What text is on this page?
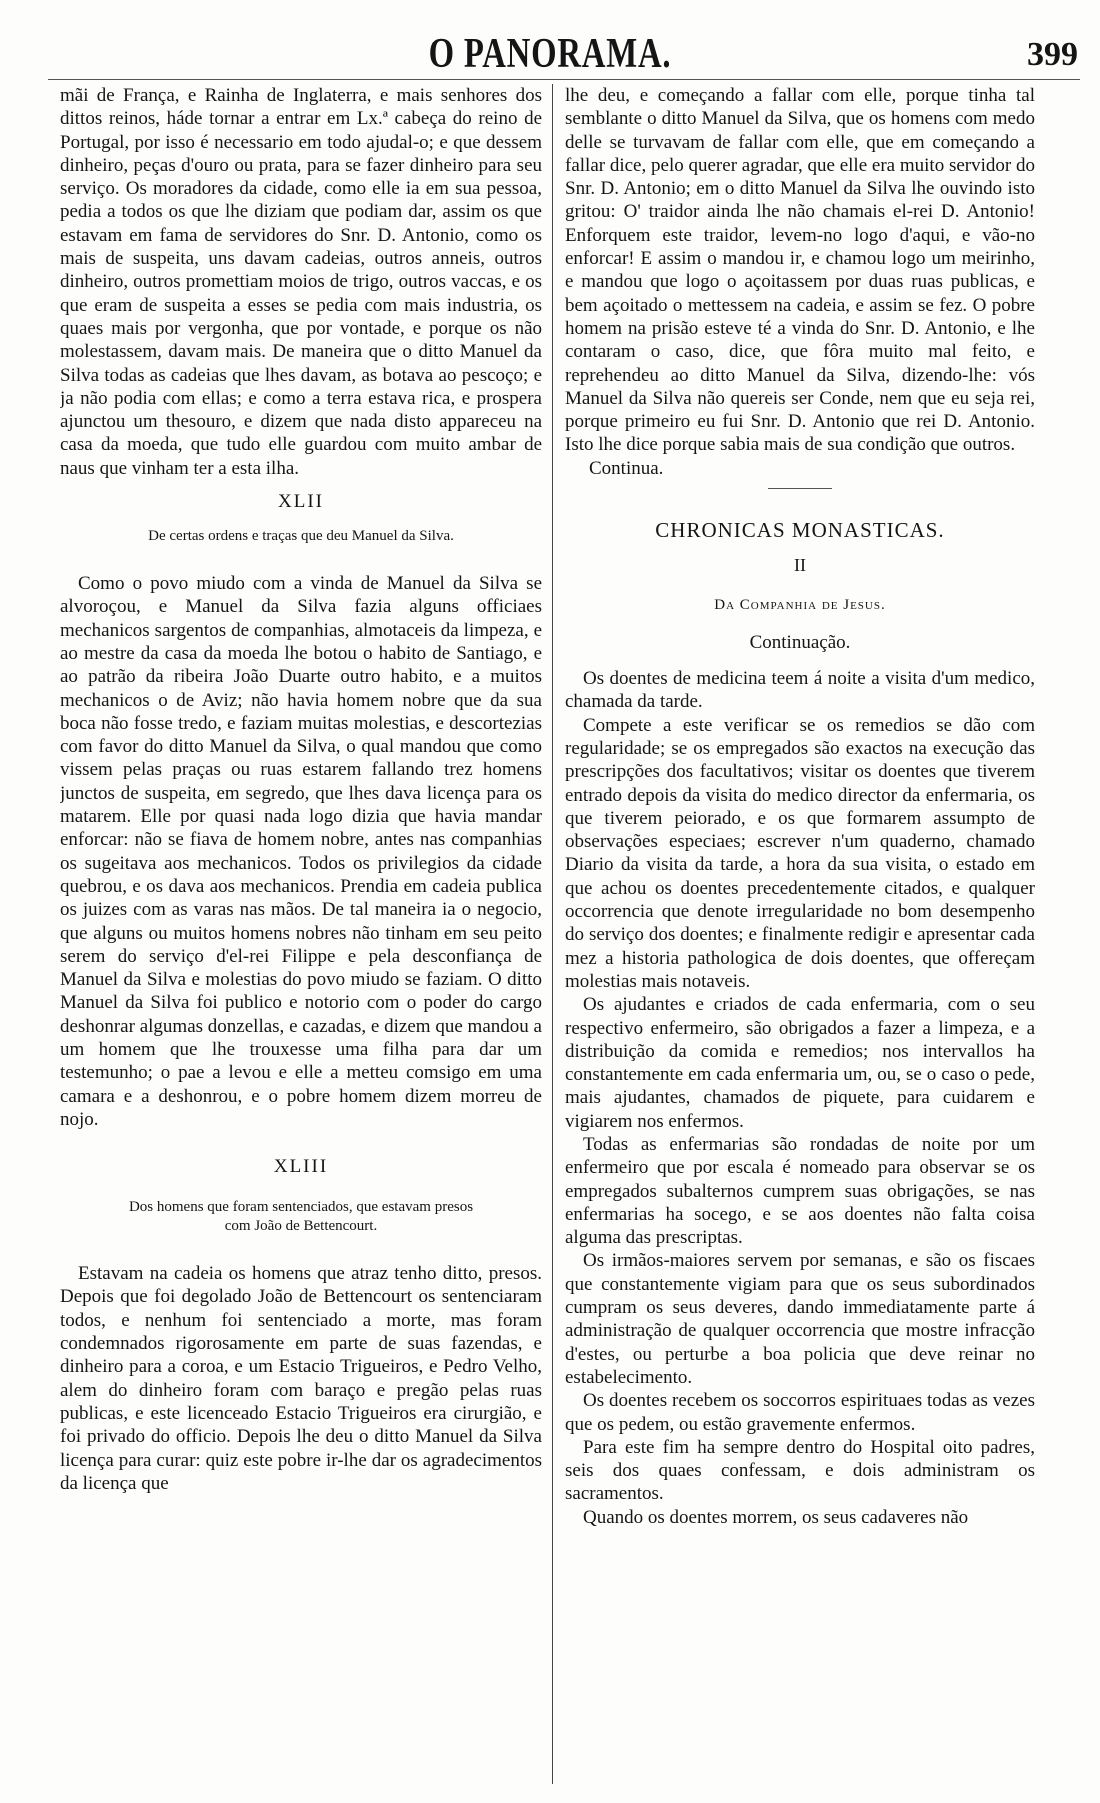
O PANORAMA.	399

mãi de França, e Rainha de Inglaterra, e mais senhores dos dittos reinos, háde tornar a entrar em Lx.ª cabeça do reino de Portugal, por isso é necessario em todo ajudal-o; e que dessem dinheiro, peças d'ouro ou prata, para se fazer dinheiro para seu serviço. Os moradores da cidade, como elle ia em sua pessoa, pedia a todos os que lhe diziam que podiam dar, assim os que estavam em fama de servidores do Snr. D. Antonio, como os mais de suspeita, uns davam cadeias, outros anneis, outros dinheiro, outros promettiam moios de trigo, outros vaccas, e os que eram de suspeita a esses se pedia com mais industria, os quaes mais por vergonha, que por vontade, e porque os não molestassem, davam mais. De maneira que o ditto Manuel da Silva todas as cadeias que lhes davam, as botava ao pescoço; e ja não podia com ellas; e como a terra estava rica, e prospera ajunctou um thesouro, e dizem que nada disto appareceu na casa da moeda, que tudo elle guardou com muito ambar de naus que vinham ter a esta ilha.

XLII
De certas ordens e traças que deu Manuel da Silva.

Como o povo miudo com a vinda de Manuel da Silva se alvoroçou, e Manuel da Silva fazia alguns officiaes mechanicos sargentos de companhias, almotaceis da limpeza, e ao mestre da casa da moeda lhe botou o habito de Santiago, e ao patrão da ribeira João Duarte outro habito, e a muitos mechanicos o de Aviz; não havia homem nobre que da sua boca não fosse tredo, e faziam muitas molestias, e descortezias com favor do ditto Manuel da Silva, o qual mandou que como vissem pelas praças ou ruas estarem fallando trez homens junctos de suspeita, em segredo, que lhes dava licença para os matarem. Elle por quasi nada logo dizia que havia mandar enforcar: não se fiava de homem nobre, antes nas companhias os sugeitava aos mechanicos. Todos os privilegios da cidade quebrou, e os dava aos mechanicos. Prendia em cadeia publica os juizes com as varas nas mãos. De tal maneira ia o negocio, que alguns ou muitos homens nobres não tinham em seu peito serem do serviço d'el-rei Filippe e pela desconfiança de Manuel da Silva e molestias do povo miudo se faziam. O ditto Manuel da Silva foi publico e notorio com o poder do cargo deshonrar algumas donzellas, e cazadas, e dizem que mandou a um homem que lhe trouxesse uma filha para dar um testemunho; o pae a levou e elle a metteu comsigo em uma camara e a deshonrou, e o pobre homem dizem morreu de nojo.

XLIII
Dos homens que foram sentenciados, que estavam presos
com João de Bettencourt.

Estavam na cadeia os homens que atraz tenho ditto, presos. Depois que foi degolado João de Bettencourt os sentenciaram todos, e nenhum foi sentenciado a morte, mas foram condemnados rigorosamente em parte de suas fazendas, e dinheiro para a coroa, e um Estacio Trigueiros, e Pedro Velho, alem do dinheiro foram com baraço e pregão pelas ruas publicas, e este licenceado Estacio Trigueiros era cirurgião, e foi privado do officio. Depois lhe deu o ditto Manuel da Silva licença para curar: quiz este pobre ir-lhe dar os agradecimentos da licença que

lhe deu, e começando a fallar com elle, porque tinha tal semblante o ditto Manuel da Silva, que os homens com medo delle se turvavam de fallar com elle, que em começando a fallar dice, pelo querer agradar, que elle era muito servidor do Snr. D. Antonio; em o ditto Manuel da Silva lhe ouvindo isto gritou: O' traidor ainda lhe não chamais el-rei D. Antonio! Enforquem este traidor, levem-no logo d'aqui, e vão-no enforcar! E assim o mandou ir, e chamou logo um meirinho, e mandou que logo o açoitassem por duas ruas publicas, e bem açoitado o mettessem na cadeia, e assim se fez. O pobre homem na prisão esteve té a vinda do Snr. D. Antonio, e lhe contaram o caso, dice, que fôra muito mal feito, e reprehendeu ao ditto Manuel da Silva, dizendo-lhe: vós Manuel da Silva não quereis ser Conde, nem que eu seja rei, porque primeiro eu fui Snr. D. Antonio que rei D. Antonio. Isto lhe dice porque sabia mais de sua condição que outros.

Continua.

CHRONICAS MONASTICAS.
II
Da Companhia de Jesus.
Continuação.

Os doentes de medicina teem á noite a visita d'um medico, chamada da tarde.

Compete a este verificar se os remedios se dão com regularidade; se os empregados são exactos na execução das prescripções dos facultativos; visitar os doentes que tiverem entrado depois da visita do medico director da enfermaria, os que tiverem peiorado, e os que formarem assumpto de observações especiaes; escrever n'um quaderno, chamado Diario da visita da tarde, a hora da sua visita, o estado em que achou os doentes precedentemente citados, e qualquer occorrencia que denote irregularidade no bom desempenho do serviço dos doentes; e finalmente redigir e apresentar cada mez a historia pathologica de dois doentes, que offereçam molestias mais notaveis.

Os ajudantes e criados de cada enfermaria, com o seu respectivo enfermeiro, são obrigados a fazer a limpeza, e a distribuição da comida e remedios; nos intervallos ha constantemente em cada enfermaria um, ou, se o caso o pede, mais ajudantes, chamados de piquete, para cuidarem e vigiarem nos enfermos.

Todas as enfermarias são rondadas de noite por um enfermeiro que por escala é nomeado para observar se os empregados subalternos cumprem suas obrigações, se nas enfermarias ha socego, e se aos doentes não falta coisa alguma das prescriptas.

Os irmãos-maiores servem por semanas, e são os fiscaes que constantemente vigiam para que os seus subordinados cumpram os seus deveres, dando immediatamente parte á administração de qualquer occorrencia que mostre infracção d'estes, ou perturbe a boa policia que deve reinar no estabelecimento.

Os doentes recebem os soccorros espirituaes todas as vezes que os pedem, ou estão gravemente enfermos.

Para este fim ha sempre dentro do Hospital oito padres, seis dos quaes confessam, e dois administram os sacramentos.

Quando os doentes morrem, os seus cadaveres não
